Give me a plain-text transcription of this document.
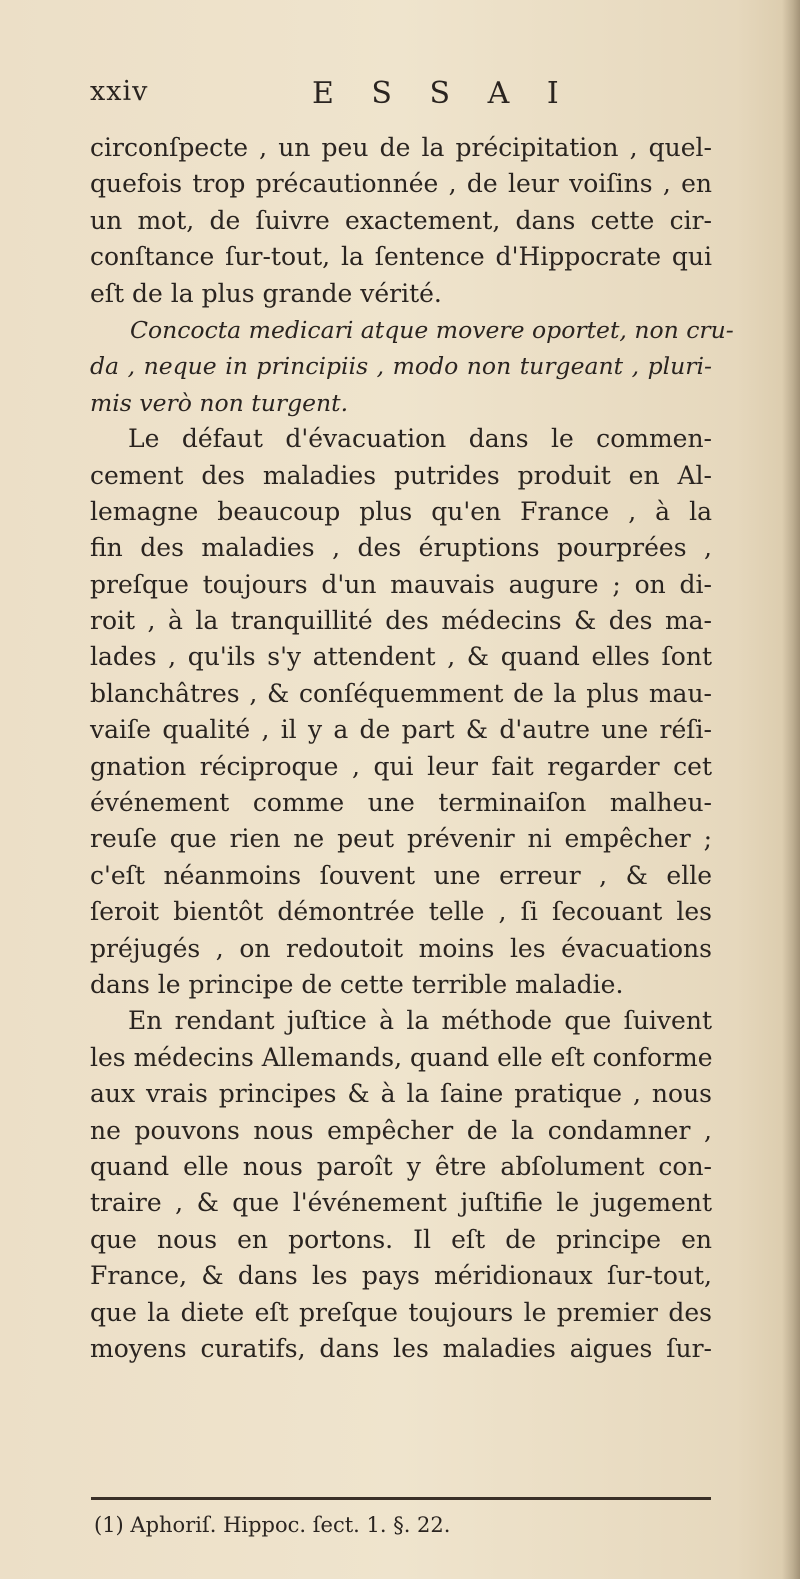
xxiv	E S S A I
circonſpecte , un peu de la précipitation , quel-
quefois trop précautionnée , de leur voiſins , en
un mot, de ſuivre exactement, dans cette cir-
conſtance ſur-tout, la ſentence d'Hippocrate qui
eſt de la plus grande vérité.
Concocta medicari atque movere oportet, non cru-
da , neque in principiis , modo non turgeant , pluri-
mis verò non turgent.
Le défaut d'évacuation dans le commen-
cement des maladies putrides produit en Al-
lemagne beaucoup plus qu'en France , à la
fin des maladies , des éruptions pourprées ,
preſque toujours d'un mauvais augure ; on di-
roit , à la tranquillité des médecins & des ma-
lades , qu'ils s'y attendent , & quand elles ſont
blanchâtres , & conſéquemment de la plus mau-
vaiſe qualité , il y a de part & d'autre une réſi-
gnation réciproque , qui leur fait regarder cet
événement comme une terminaiſon malheu-
reuſe que rien ne peut prévenir ni empêcher ;
c'eſt néanmoins ſouvent une erreur , & elle
ſeroit bientôt démontrée telle , ſi ſecouant les
préjugés , on redoutoit moins les évacuations
dans le principe de cette terrible maladie.
En rendant juſtice à la méthode que ſuivent
les médecins Allemands, quand elle eſt conforme
aux vrais principes & à la ſaine pratique , nous
ne pouvons nous empêcher de la condamner ,
quand elle nous paroît y être abſolument con-
traire , & que l'événement juſtifie le jugement
que nous en portons. Il eſt de principe en
France, & dans les pays méridionaux ſur-tout,
que la diete eſt preſque toujours le premier des
moyens curatifs, dans les maladies aigues ſur-
(1) Aphoriſ. Hippoc. ſect. 1. §. 22.
